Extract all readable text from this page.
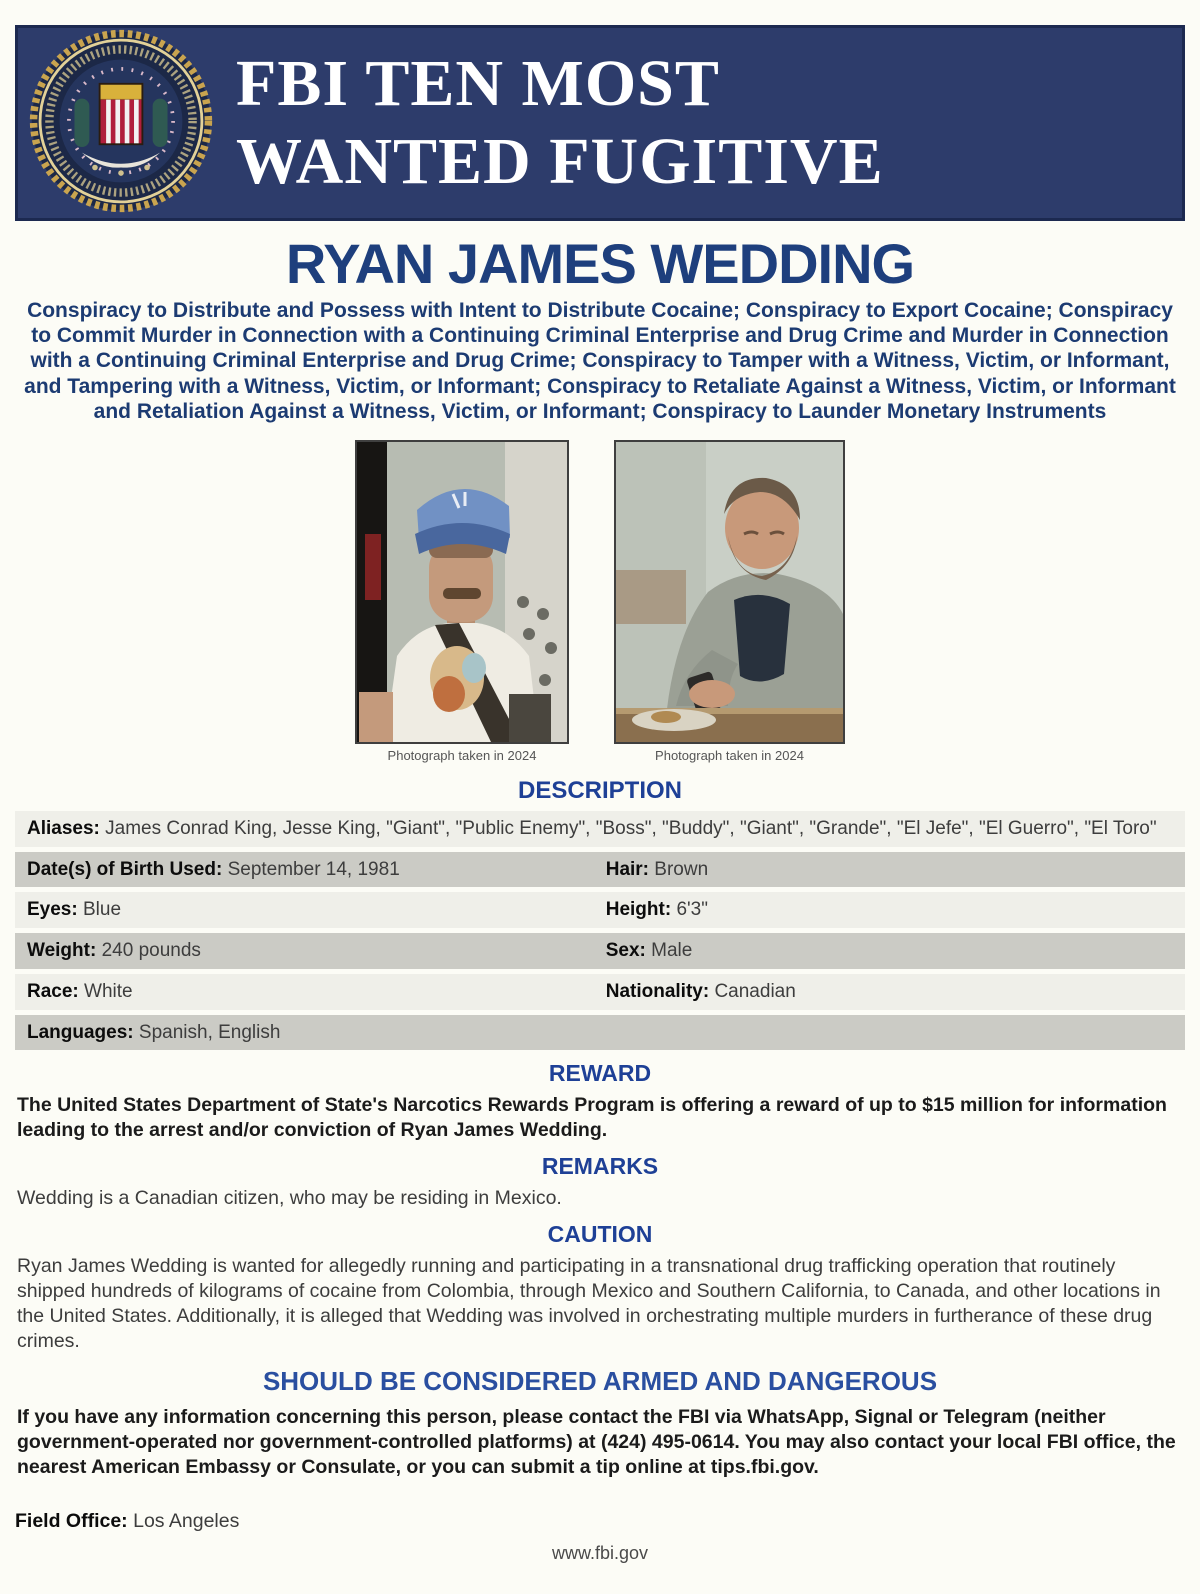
FBI TEN MOST
WANTED FUGITIVE
RYAN JAMES WEDDING
Conspiracy to Distribute and Possess with Intent to Distribute Cocaine; Conspiracy to Export Cocaine; Conspiracy to Commit Murder in Connection with a Continuing Criminal Enterprise and Drug Crime and Murder in Connection with a Continuing Criminal Enterprise and Drug Crime; Conspiracy to Tamper with a Witness, Victim, or Informant, and Tampering with a Witness, Victim, or Informant; Conspiracy to Retaliate Against a Witness, Victim, or Informant and Retaliation Against a Witness, Victim, or Informant; Conspiracy to Launder Monetary Instruments
Photograph taken in 2024	Photograph taken in 2024
DESCRIPTION
Aliases: James Conrad King, Jesse King, "Giant", "Public Enemy", "Boss", "Buddy", "Giant", "Grande", "El Jefe", "El Guerro", "El Toro"
Date(s) of Birth Used: September 14, 1981	Hair: Brown
Eyes: Blue	Height: 6'3"
Weight: 240 pounds	Sex: Male
Race: White	Nationality: Canadian
Languages: Spanish, English
REWARD

The United States Department of State's Narcotics Rewards Program is offering a reward of up to $15 million for information leading to the arrest and/or conviction of Ryan James Wedding.

REMARKS

Wedding is a Canadian citizen, who may be residing in Mexico.

CAUTION

Ryan James Wedding is wanted for allegedly running and participating in a transnational drug trafficking operation that routinely shipped hundreds of kilograms of cocaine from Colombia, through Mexico and Southern California, to Canada, and other locations in the United States. Additionally, it is alleged that Wedding was involved in orchestrating multiple murders in furtherance of these drug crimes.

SHOULD BE CONSIDERED ARMED AND DANGEROUS

If you have any information concerning this person, please contact the FBI via WhatsApp, Signal or Telegram (neither government-operated nor government-controlled platforms) at (424) 495-0614. You may also contact your local FBI office, the nearest American Embassy or Consulate, or you can submit a tip online at tips.fbi.gov.

Field Office: Los Angeles
www.fbi.gov
